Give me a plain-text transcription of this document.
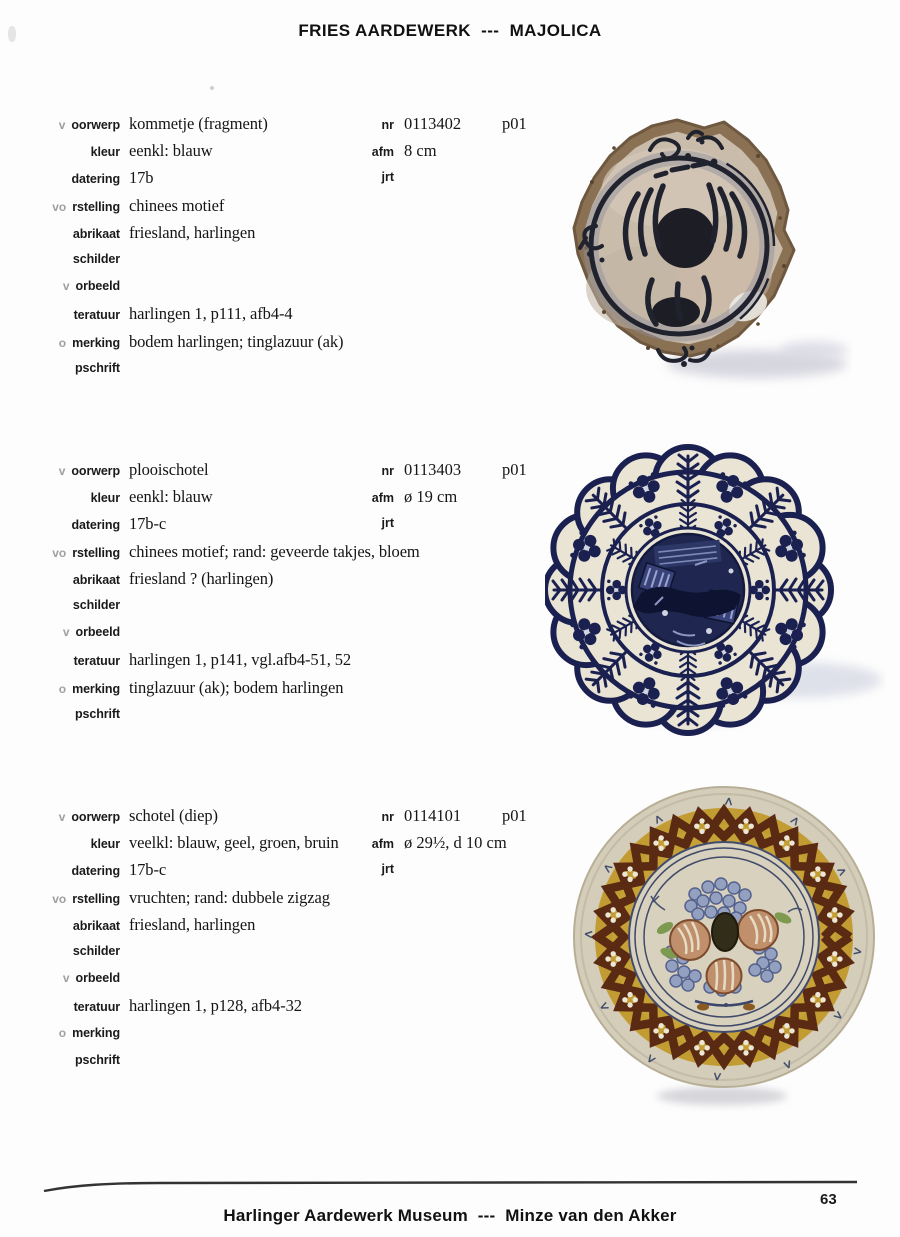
FRIES AARDEWERK  ---  MAJOLICA
v oorwerp kommetje (fragment)
kleur eenkl: blauw
datering 17b
vo rstelling chinees motief
abrikaat friesland, harlingen
schilder
v orbeeld
teratuur harlingen 1, p111, afb4-4
o merking bodem harlingen; tinglazuur (ak)
pschrift
nr 0113402 p01
afm 8 cm
jrt
v oorwerp plooischotel
kleur eenkl: blauw
datering 17b-c
vo rstelling chinees motief; rand: geveerde takjes, bloem
abrikaat friesland ? (harlingen)
schilder
v orbeeld
teratuur harlingen 1, p141, vgl.afb4-51, 52
o merking tinglazuur (ak); bodem harlingen
pschrift
nr 0113403 p01
afm ø 19 cm
jrt
v oorwerp schotel (diep)
kleur veelkl: blauw, geel, groen, bruin
datering 17b-c
vo rstelling vruchten; rand: dubbele zigzag
abrikaat friesland, harlingen
schilder
v orbeeld
teratuur harlingen 1, p128, afb4-32
o merking
pschrift
nr 0114101 p01
afm ø 29½, d 10 cm
jrt
63
Harlinger Aardewerk Museum  ---  Minze van den Akker
